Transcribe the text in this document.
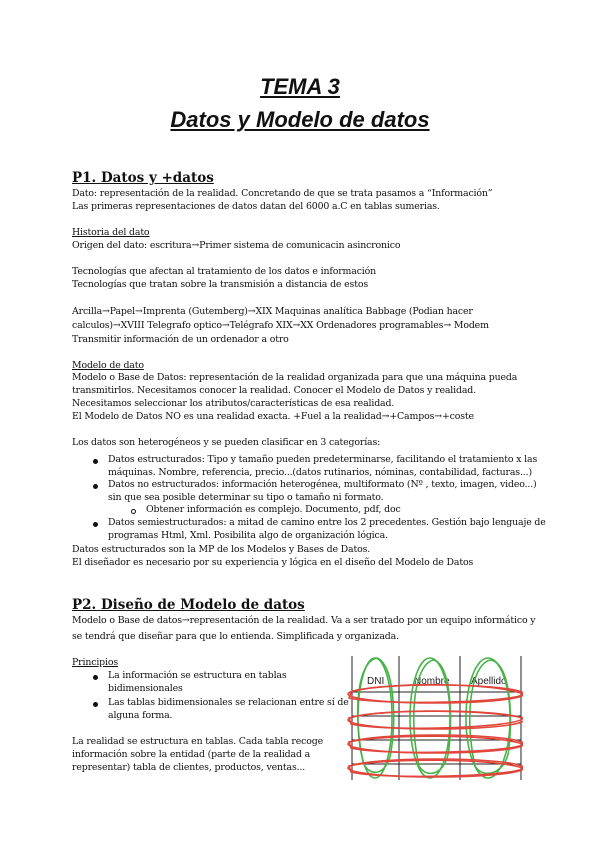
TEMA 3
Datos y Modelo de datos
P1. Datos y +datos
Dato: representación de la realidad. Concretando de que se trata pasamos a “Información”
Las primeras representaciones de datos datan del 6000 a.C en tablas sumerias.
Historia del dato
Origen del dato: escritura→Primer sistema de comunicacin asincronico
Tecnologías que afectan al tratamiento de los datos e información
Tecnologías que tratan sobre la transmisión a distancia de estos
Arcilla→Papel→Imprenta (Gutemberg)→XIX Maquinas analítica Babbage (Podian hacer
calculos)→XVIII Telegrafo optico→Telégrafo XIX→XX Ordenadores programables→ Modem
Transmitir información de un ordenador a otro
Modelo de dato
Modelo o Base de Datos: representación de la realidad organizada para que una máquina pueda
transmitirlos. Necesitamos conocer la realidad. Conocer el Modelo de Datos y realidad.
Necesitamos seleccionar los atributos/características de esa realidad.
El Modelo de Datos NO es una realidad exacta. +Fuel a la realidad→+Campos→+coste
Los datos son heterogéneos y se pueden clasificar en 3 categorías:
Datos estructurados: Tipo y tamaño pueden predeterminarse, facilitando el tratamiento x las
máquinas. Nombre, referencia, precio...(datos rutinarios, nóminas, contabilidad, facturas...)
Datos no estructurados: información heterogénea, multiformato (Nº , texto, imagen, video...)
sin que sea posible determinar su tipo o tamaño ni formato.
Obtener información es complejo. Documento, pdf, doc
Datos semiestructurados: a mitad de camino entre los 2 precedentes. Gestión bajo lenguaje de
programas Html, Xml. Posibilita algo de organización lógica.
Datos estructurados son la MP de los Modelos y Bases de Datos.
El diseñador es necesario por su experiencia y lógica en el diseño del Modelo de Datos
P2. Diseño de Modelo de datos
Modelo o Base de datos→representación de la realidad. Va a ser tratado por un equipo informático y
se tendrá que diseñar para que lo entienda. Simplificada y organizada.
Principios
La información se estructura en tablas
bidimensionales
Las tablas bidimensionales se relacionan entre sí de
alguna forma.
La realidad se estructura en tablas. Cada tabla recoge
información sobre la entidad (parte de la realidad a
representar) tabla de clientes, productos, ventas...
DNI	Nombre Apellido
